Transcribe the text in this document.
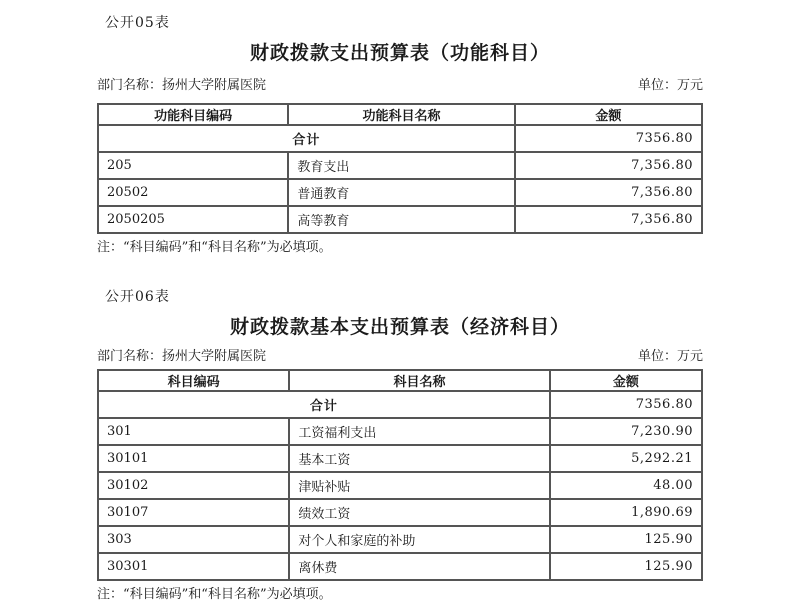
公开05表
财政拨款支出预算表（功能科目）
部门名称：扬州大学附属医院	单位：万元
功能科目编码	功能科目名称	金额
合计		7356.80
205	教育支出	7,356.80
20502	普通教育	7,356.80
2050205	高等教育	7,356.80
注：“科目编码”和“科目名称”为必填项。
公开06表
财政拨款基本支出预算表（经济科目）
部门名称：扬州大学附属医院	单位：万元
科目编码	科目名称	金额
合计		7356.80
301	工资福利支出	7,230.90
30101	基本工资	5,292.21
30102	津贴补贴	48.00
30107	绩效工资	1,890.69
303	对个人和家庭的补助	125.90
30301	离休费	125.90
注：“科目编码”和“科目名称”为必填项。
